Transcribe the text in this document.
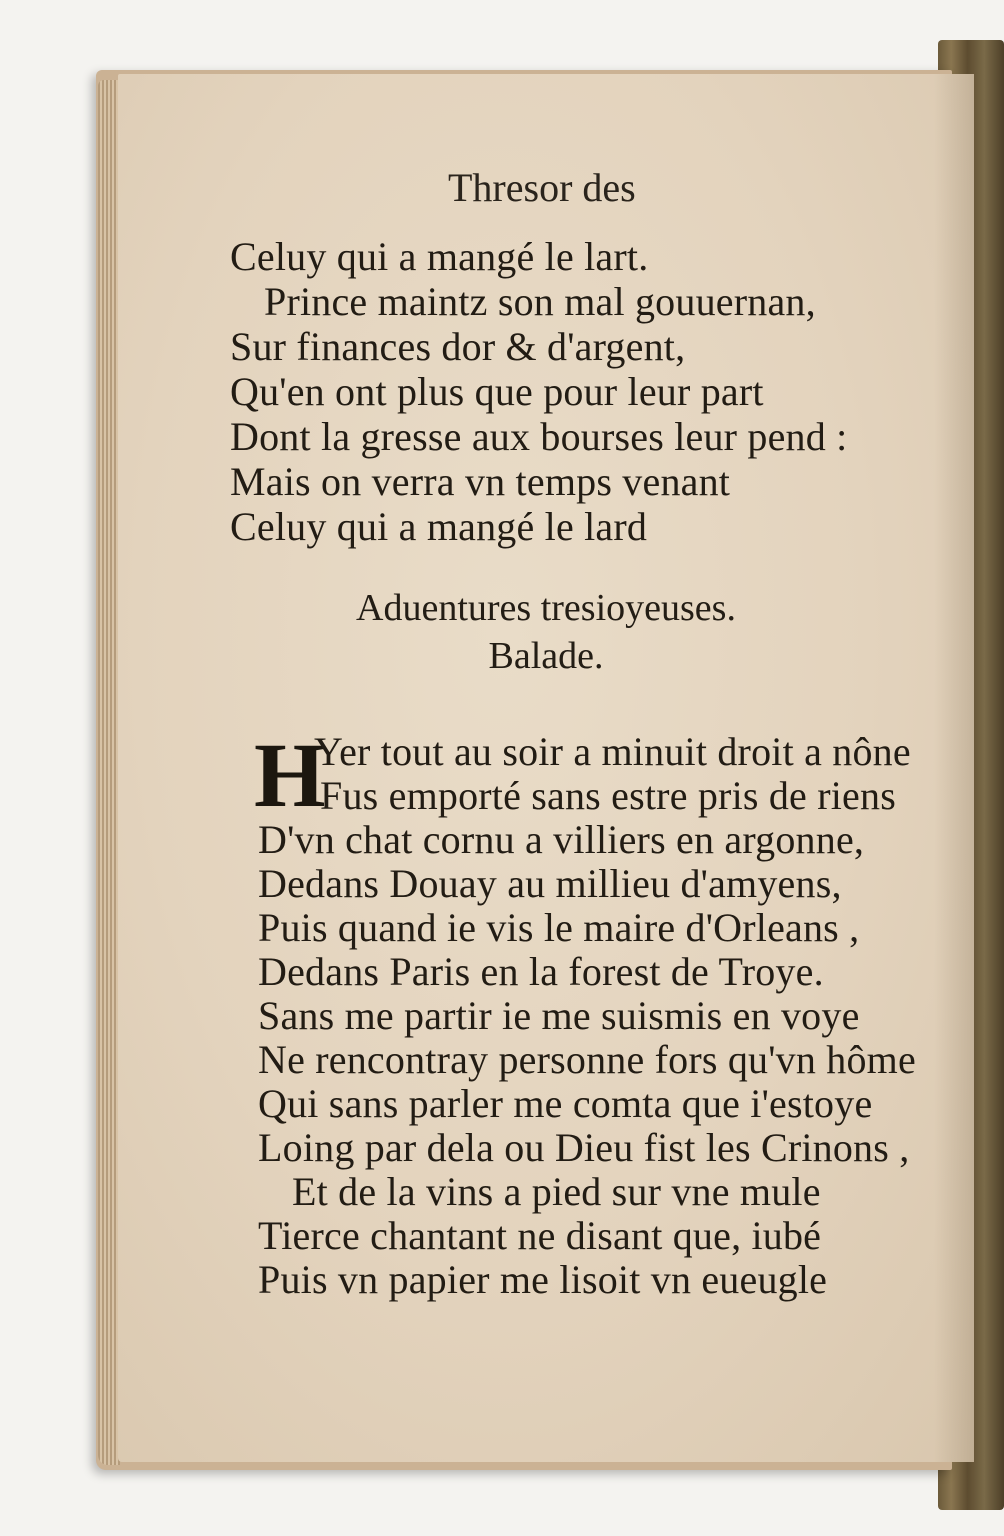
Thresor des
Celuy qui a mangé le lart.
Prince maintz son mal gouuernan,
Sur finances dor & d'argent,
Qu'en ont plus que pour leur part
Dont la gresse aux bourses leur pend :
Mais on verra vn temps venant
Celuy qui a mangé le lard
Aduentures tresioyeuses.
Balade.
H
Yer tout au soir a minuit droit a nône
Fus emporté sans estre pris de riens
D'vn chat cornu a villiers en argonne,
Dedans Douay au millieu d'amyens,
Puis quand ie vis le maire d'Orleans ,
Dedans Paris en la forest de Troye.
Sans me partir ie me suismis en voye
Ne rencontray personne fors qu'vn hôme
Qui sans parler me comta que i'estoye
Loing par dela ou Dieu fist les Crinons ,
Et de la vins a pied sur vne mule
Tierce chantant ne disant que, iubé
Puis vn papier me lisoit vn eueugle
